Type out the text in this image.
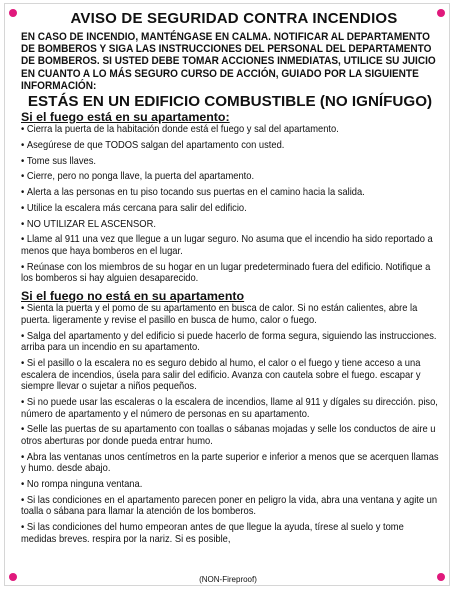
AVISO DE SEGURIDAD CONTRA INCENDIOS
EN CASO DE INCENDIO, MANTÉNGASE EN CALMA. NOTIFICAR AL DEPARTAMENTO DE BOMBEROS Y SIGA LAS INSTRUCCIONES DEL PERSONAL DEL DEPARTAMENTO DE BOMBEROS. SI USTED DEBE TOMAR ACCIONES INMEDIATAS, UTILICE SU JUICIO EN CUANTO A LO MÁS SEGURO CURSO DE ACCIÓN, GUIADO POR LA SIGUIENTE INFORMACIÓN:
ESTÁS EN UN EDIFICIO COMBUSTIBLE (NO IGNÍFUGO)
Si el fuego está en su apartamento:

• Cierra la puerta de la habitación donde está el fuego y sal del apartamento.

• Asegúrese de que TODOS salgan del apartamento con usted.

• Tome sus llaves.

• Cierre, pero no ponga llave, la puerta del apartamento.

• Alerta a las personas en tu piso tocando sus puertas en el camino hacia la salida.

• Utilice la escalera más cercana para salir del edificio.

• NO UTILIZAR EL ASCENSOR.

• Llame al 911 una vez que llegue a un lugar seguro. No asuma que el incendio ha sido reportado a menos que haya bomberos en el lugar.

• Reúnase con los miembros de su hogar en un lugar predeterminado fuera del edificio. Notifique a los bomberos si hay alguien desaparecido.

Si el fuego no está en su apartamento

• Sienta la puerta y el pomo de su apartamento en busca de calor. Si no están calientes, abre la puerta. ligeramente y revise el pasillo en busca de humo, calor o fuego.

• Salga del apartamento y del edificio si puede hacerlo de forma segura, siguiendo las instrucciones. arriba para un incendio en su apartamento.

• Si el pasillo o la escalera no es seguro debido al humo, el calor o el fuego y tiene acceso a una escalera de incendios, úsela para salir del edificio. Avanza con cautela sobre el fuego. escapar y siempre llevar o sujetar a niños pequeños.

• Si no puede usar las escaleras o la escalera de incendios, llame al 911 y dígales su dirección. piso, número de apartamento y el número de personas en su apartamento.

• Selle las puertas de su apartamento con toallas o sábanas mojadas y selle los conductos de aire u otros aberturas por donde pueda entrar humo.

• Abra las ventanas unos centímetros en la parte superior e inferior a menos que se acerquen llamas y humo. desde abajo.

• No rompa ninguna ventana.

• Si las condiciones en el apartamento parecen poner en peligro la vida, abra una ventana y agite un toalla o sábana para llamar la atención de los bomberos.

• Si las condiciones del humo empeoran antes de que llegue la ayuda, tírese al suelo y tome medidas breves. respira por la nariz. Si es posible,

(NON-Fireproof)
